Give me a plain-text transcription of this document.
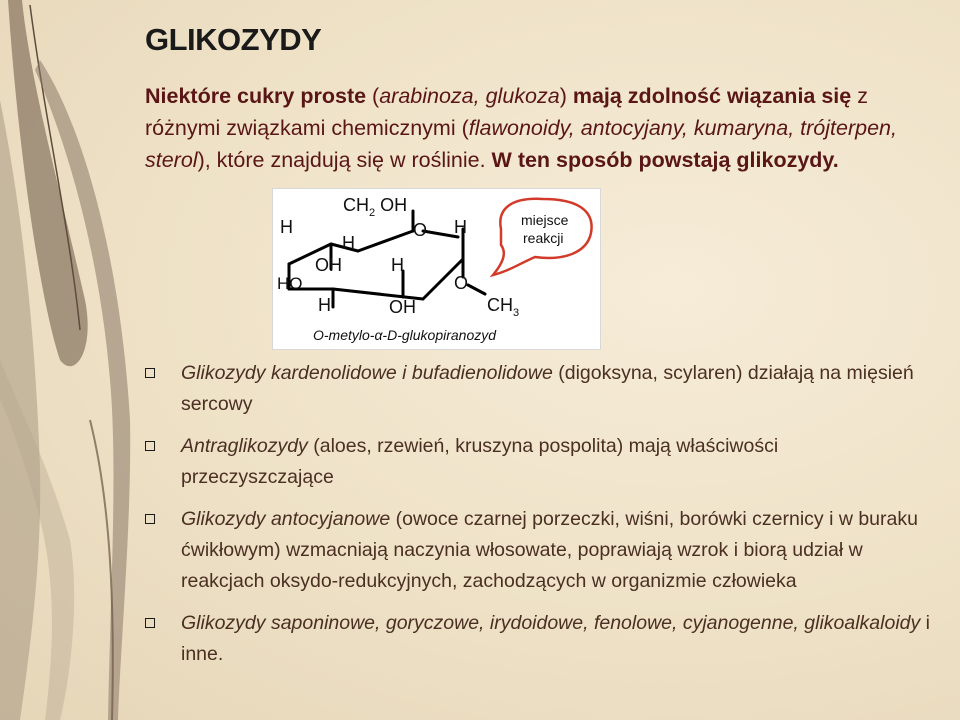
GLIKOZYDY
Niektóre cukry proste (arabinoza, glukoza) mają zdolność wiązania się z różnymi związkami chemicznymi (flawonoidy, antocyjany, kumaryna, trójterpen, sterol), które znajdują się w roślinie. W ten sposób powstają glikozydy.
$CH_2$ OH
O
H
H
H
H
H
OH
OH
HO	O
$CH_3$
miejsce
reakcji
O-metylo-α-D-glukopiranozyd
Glikozydy kardenolidowe i bufadienolidowe (digoksyna, scylaren) działają na mięsień sercowy
Antraglikozydy (aloes, rzewień, kruszyna pospolita) mają właściwości przeczyszczające
Glikozydy antocyjanowe (owoce czarnej porzeczki, wiśni, borówki czernicy i w buraku ćwikłowym) wzmacniają naczynia włosowate, poprawiają wzrok i biorą udział w reakcjach oksydo-redukcyjnych, zachodzących w organizmie człowieka
Glikozydy saponinowe, goryczowe, irydoidowe, fenolowe, cyjanogenne, glikoalkaloidy i inne.
